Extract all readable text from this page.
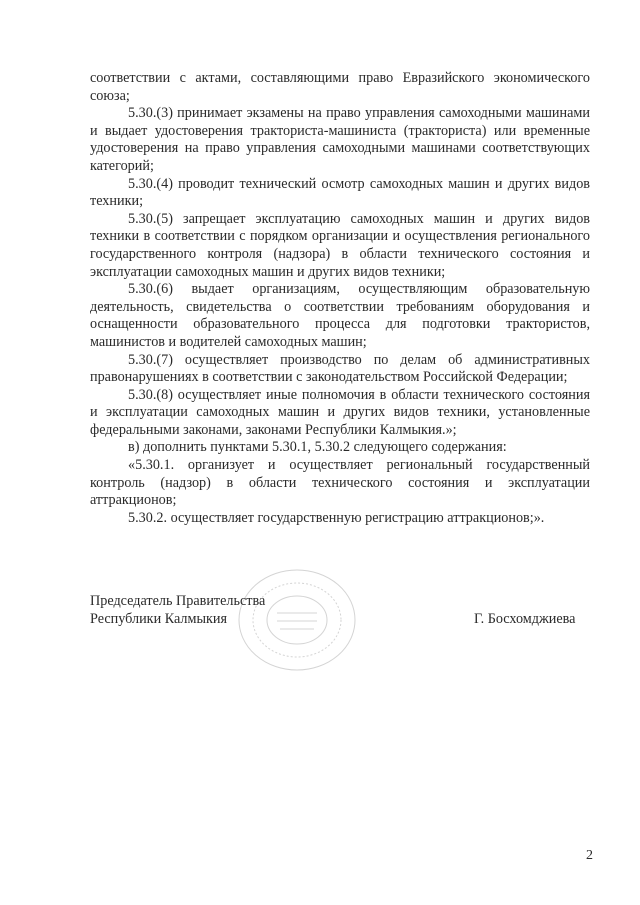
соответствии с актами, составляющими право Евразийского экономического союза;

5.30.(3) принимает экзамены на право управления самоходными машинами и выдает удостоверения тракториста-машиниста (тракториста) или временные удостоверения на право управления самоходными машинами соответствующих категорий;

5.30.(4) проводит технический осмотр самоходных машин и других видов техники;

5.30.(5) запрещает эксплуатацию самоходных машин и других видов техники в соответствии с порядком организации и осуществления регионального государственного контроля (надзора) в области технического состояния и эксплуатации самоходных машин и других видов техники;

5.30.(6) выдает организациям, осуществляющим образовательную деятельность, свидетельства о соответствии требованиям оборудования и оснащенности образовательного процесса для подготовки трактористов, машинистов и водителей самоходных машин;

5.30.(7) осуществляет производство по делам об административных правонарушениях в соответствии с законодательством Российской Федерации;

5.30.(8) осуществляет иные полномочия в области технического состояния и эксплуатации самоходных машин и других видов техники, установленные федеральными законами, законами Республики Калмыкия.»;

в) дополнить пунктами 5.30.1, 5.30.2 следующего содержания:

«5.30.1. организует и осуществляет региональный государственный контроль (надзор) в области технического состояния и эксплуатации аттракционов;

5.30.2. осуществляет государственную регистрацию аттракционов;».

Председатель Правительства
Республики Калмыкия	Г. Босхомджиева
2
